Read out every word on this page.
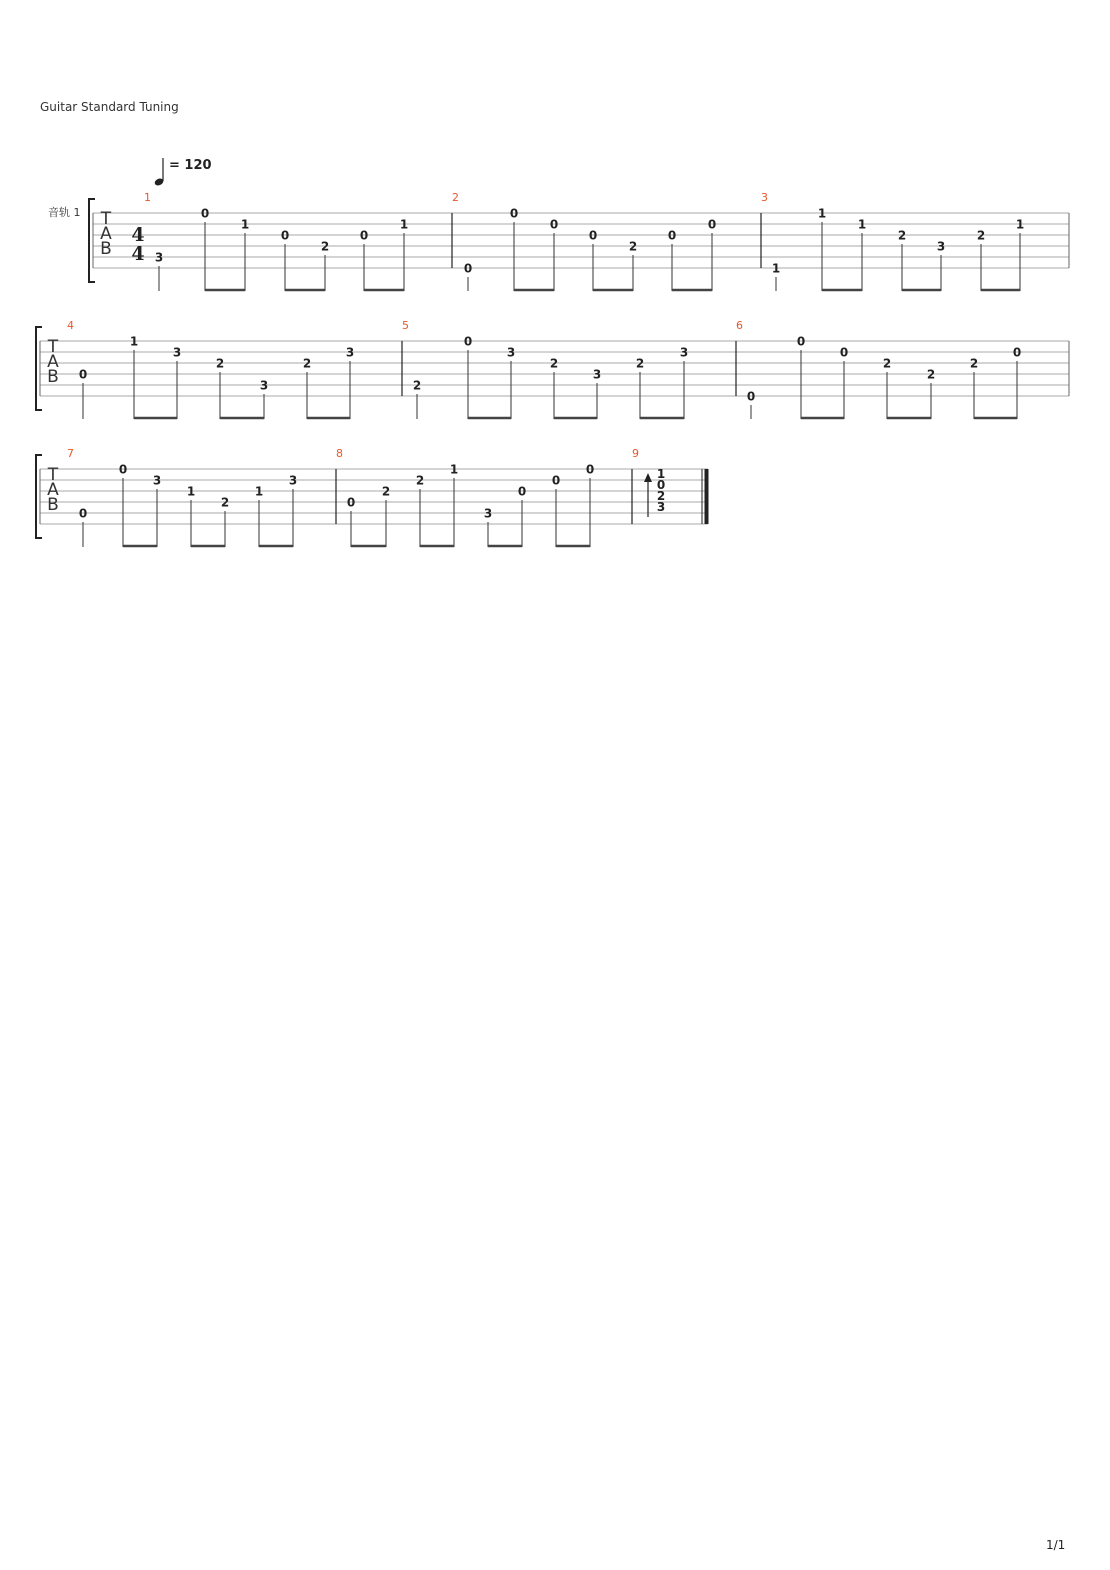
Guitar Standard Tuning
= 120
音轨 1 T
A
B
1
4
4 3
0
1
0
2
0
1
2
0
0
0
0
2
0
0
3
1
1
1
2
3
2
1
T
A
B
4
0
1
3
2
3
2
3
5
2
0
3
2
3
2
3
6
0
0
0
2
2
2
0
T
A
B
7
0
0
3
1
2
1
3
8
0
2
2
1
3
0
0
0
9
1
0
2
3
1/1
